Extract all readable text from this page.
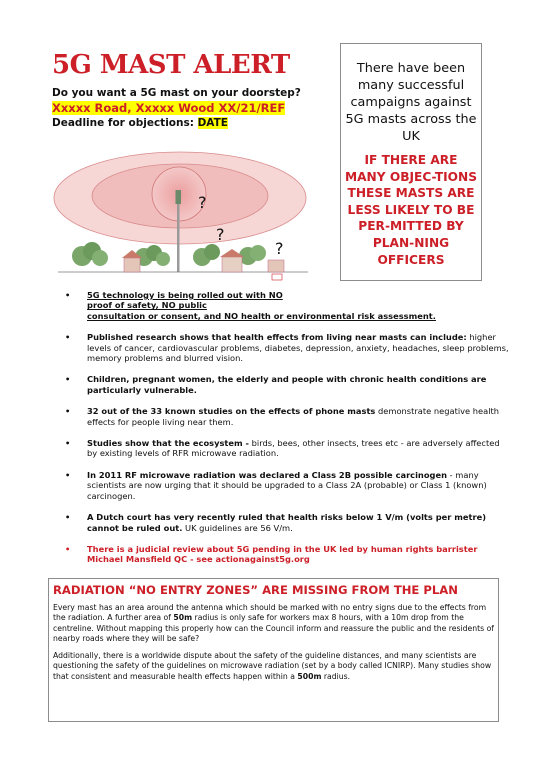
5G MAST ALERT
Do you want a 5G mast on your doorstep?
Xxxxx Road, Xxxxx Wood XX/21/REF
Deadline for objections: DATE
There have been many successful campaigns against 5G masts across the UK
IF THERE ARE MANY OBJEC-TIONS THESE MASTS ARE LESS LIKELY TO BE PER-MITTED BY PLAN-NING OFFICERS
?
?
?
• 5G technology is being rolled out with NO
proof of safety, NO public
consultation or consent, and NO health or environmental risk assessment.
• Published research shows that health effects from living near masts can include: higher levels of cancer, cardiovascular problems, diabetes, depression, anxiety, headaches, sleep problems, memory problems and blurred vision.
• Children, pregnant women, the elderly and people with chronic health conditions are particularly vulnerable.
• 32 out of the 33 known studies on the effects of phone masts demonstrate negative health effects for people living near them.
• Studies show that the ecosystem - birds, bees, other insects, trees etc - are adversely affected by existing levels of RFR microwave radiation.
• In 2011 RF microwave radiation was declared a Class 2B possible carcinogen - many scientists are now urging that it should be upgraded to a Class 2A (probable) or Class 1 (known) carcinogen.
• A Dutch court has very recently ruled that health risks below 1 V/m (volts per metre) cannot be ruled out. UK guidelines are 56 V/m.
• There is a judicial review about 5G pending in the UK led by human rights barrister Michael Mansfield QC - see actionagainst5g.org
RADIATION “NO ENTRY ZONES” ARE MISSING FROM THE PLAN
Every mast has an area around the antenna which should be marked with no entry signs due to the effects from the radiation. A further area of 50m radius is only safe for workers max 8 hours, with a 10m drop from the centreline. Without mapping this properly how can the Council inform and reassure the public and the residents of nearby roads where they will be safe?
Additionally, there is a worldwide dispute about the safety of the guideline distances, and many scientists are questioning the safety of the guidelines on microwave radiation (set by a body called ICNIRP). Many studies show that consistent and measurable health effects happen within a 500m radius.
